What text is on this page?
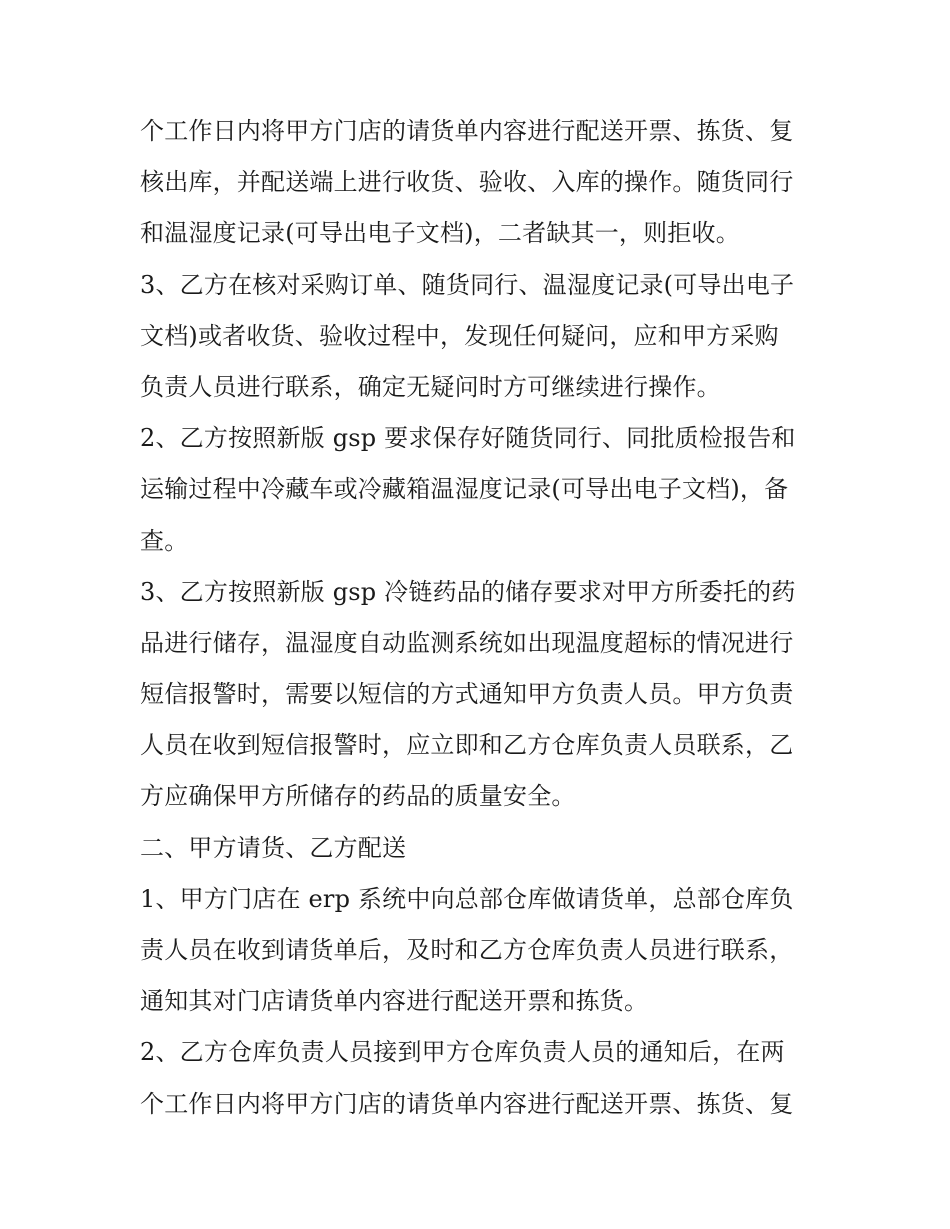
个工作日内将甲方门店的请货单内容进行配送开票、拣货、复
核出库，并配送端上进行收货、验收、入库的操作。随货同行
和温湿度记录(可导出电子文档)，二者缺其一，则拒收。
3、乙方在核对采购订单、随货同行、温湿度记录(可导出电子
文档)或者收货、验收过程中，发现任何疑问，应和甲方采购
负责人员进行联系，确定无疑问时方可继续进行操作。
2、乙方按照新版 gsp 要求保存好随货同行、同批质检报告和
运输过程中冷藏车或冷藏箱温湿度记录(可导出电子文档)，备
查。
3、乙方按照新版 gsp 冷链药品的储存要求对甲方所委托的药
品进行储存，温湿度自动监测系统如出现温度超标的情况进行
短信报警时，需要以短信的方式通知甲方负责人员。甲方负责
人员在收到短信报警时，应立即和乙方仓库负责人员联系，乙
方应确保甲方所储存的药品的质量安全。
二、甲方请货、乙方配送
1、甲方门店在 erp 系统中向总部仓库做请货单，总部仓库负
责人员在收到请货单后，及时和乙方仓库负责人员进行联系，
通知其对门店请货单内容进行配送开票和拣货。
2、乙方仓库负责人员接到甲方仓库负责人员的通知后，在两
个工作日内将甲方门店的请货单内容进行配送开票、拣货、复
